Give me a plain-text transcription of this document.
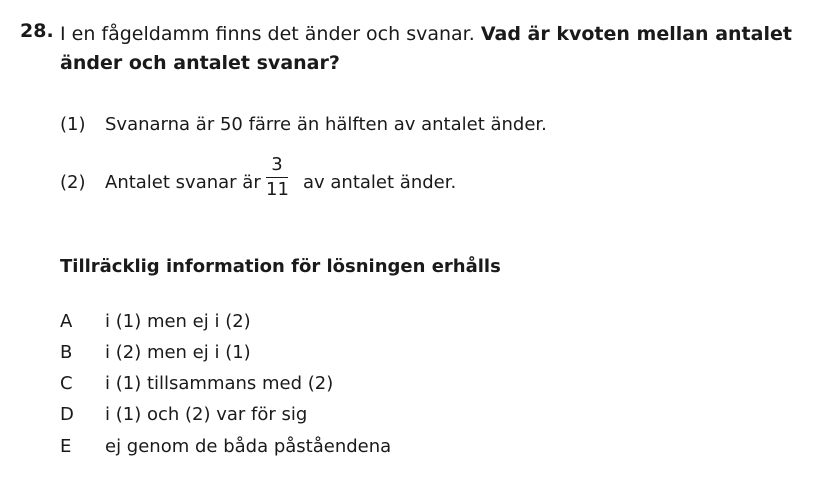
28. I en fågeldamm finns det änder och svanar. Vad är kvoten mellan antalet änder och antalet svanar?
(1) Svanarna är 50 färre än hälften av antalet änder.
(2) Antalet svanar är
3
11 av antalet änder.
Tillräcklig information för lösningen erhålls
A i (1) men ej i (2)
B i (2) men ej i (1)
C i (1) tillsammans med (2)
D i (1) och (2) var för sig
E ej genom de båda påståendena
